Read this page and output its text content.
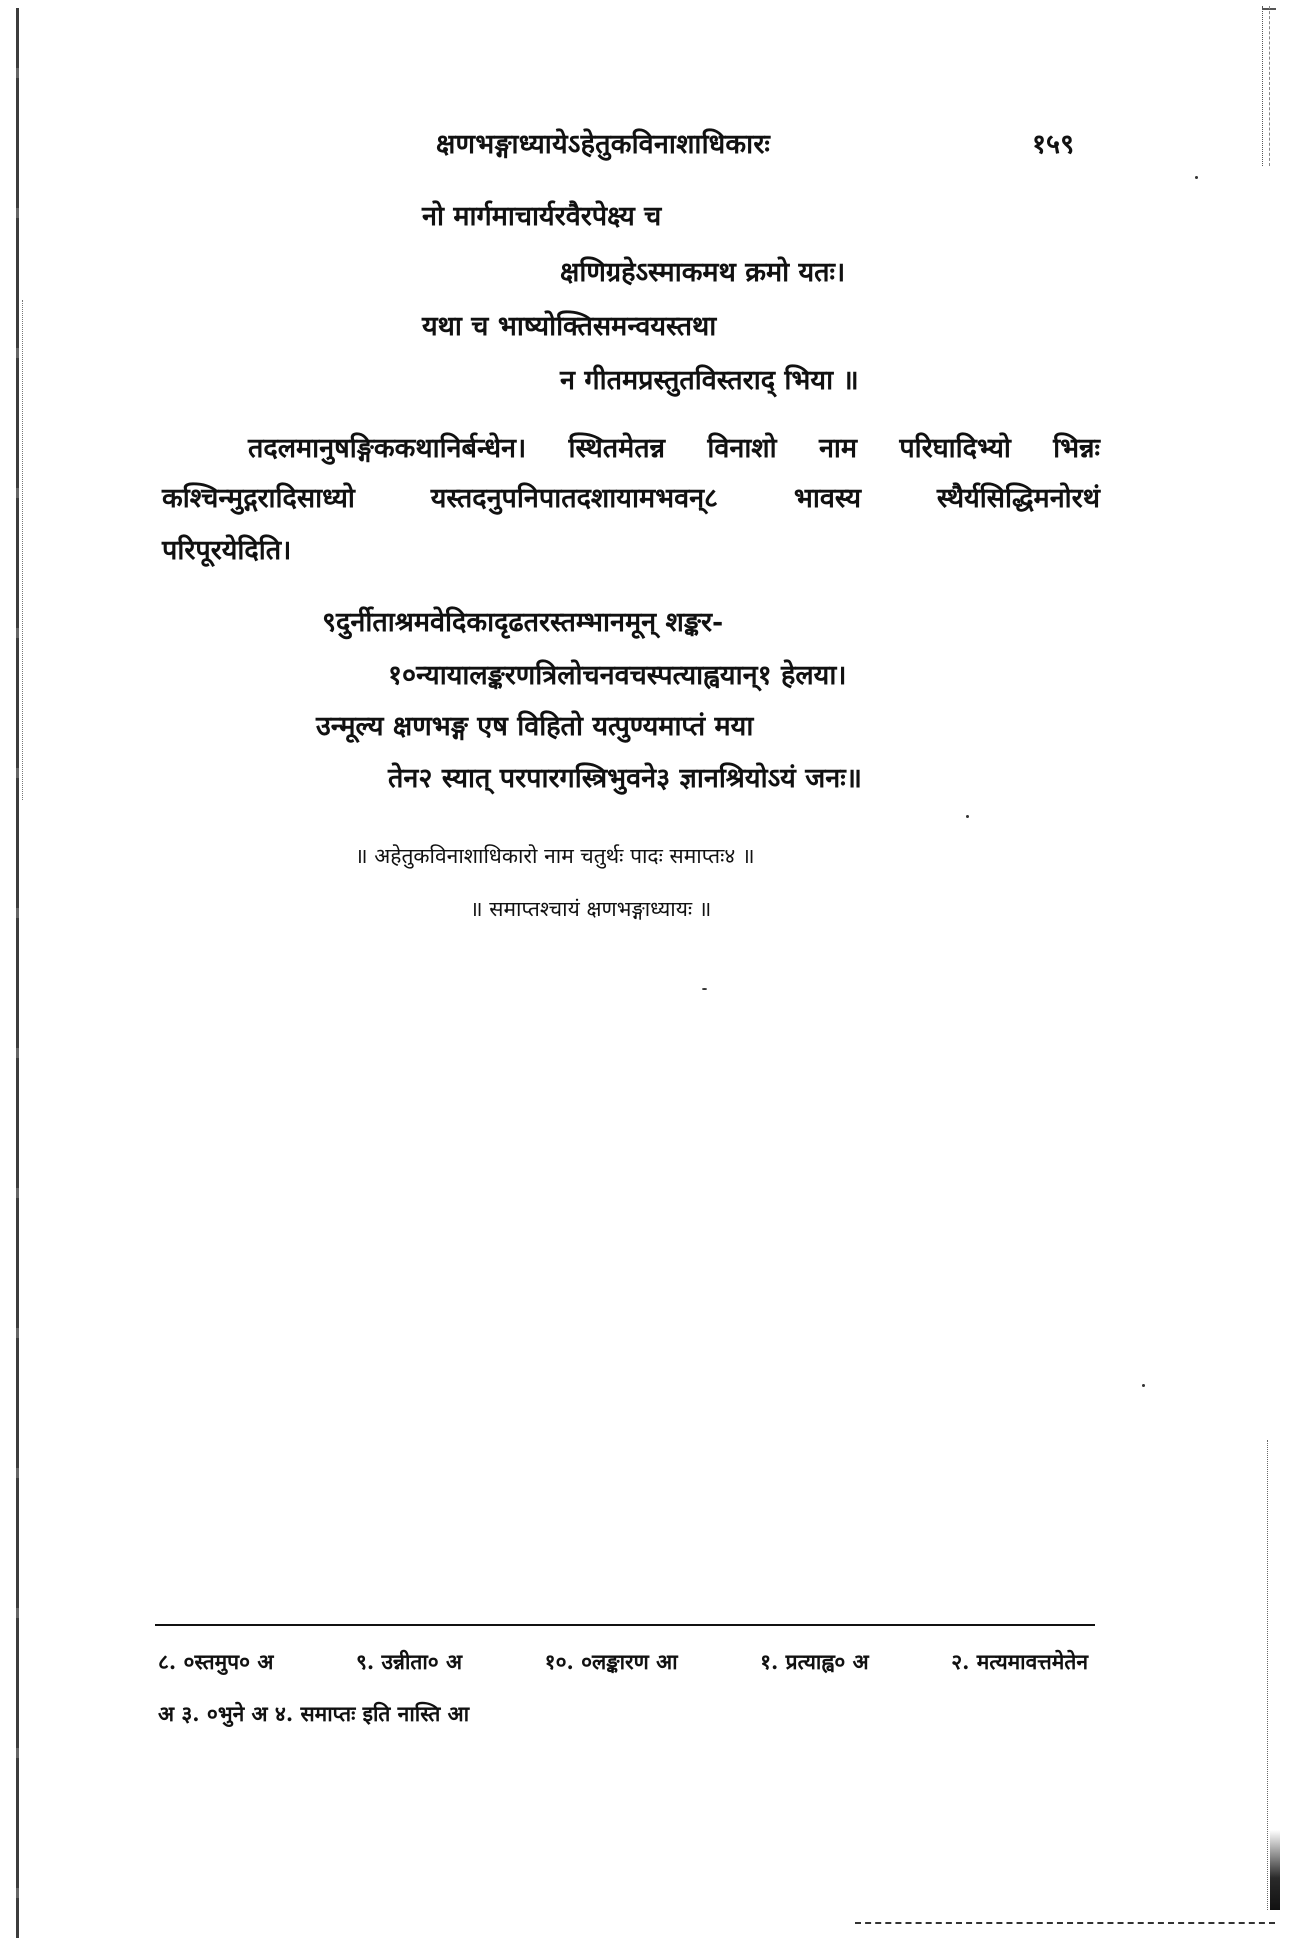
क्षणभङ्गाध्यायेऽहेतुकविनाशाधिकारः	१५९
नो मार्गमाचार्यरवैरपेक्ष्य च
क्षणिग्रहेऽस्माकमथ क्रमो यतः।
यथा च भाष्योक्तिसमन्वयस्तथा
न गीतमप्रस्तुतविस्तराद् भिया ॥
तदलमानुषङ्गिककथानिर्बन्धेन। स्थितमेतन्न विनाशो नाम परिघादिभ्यो भिन्नः
कश्चिन्मुद्गरादिसाध्यो	यस्तदनुपनिपातदशायामभवन्८	भावस्य	स्थैर्यसिद्धिमनोरथं
परिपूरयेदिति।
९दुर्नीताश्रमवेदिकादृढतरस्तम्भानमून् शङ्कर-
१०न्यायालङ्करणत्रिलोचनवचस्पत्याह्वयान्१ हेलया।
उन्मूल्य क्षणभङ्ग एष विहितो यत्पुण्यमाप्तं मया
तेन२ स्यात् परपारगस्त्रिभुवने३ ज्ञानश्रियोऽयं जनः॥
॥ अहेतुकविनाशाधिकारो नाम चतुर्थः पादः समाप्तः४ ॥
॥ समाप्तश्चायं क्षणभङ्गाध्यायः ॥
८. ०स्तमुप० अ	९. उन्नीता० अ	१०. ०लङ्कारण आ	१. प्रत्याह्व० अ	२. मत्यमावत्तमेतेन
अ ३. ०भुने अ ४. समाप्तः इति नास्ति आ
